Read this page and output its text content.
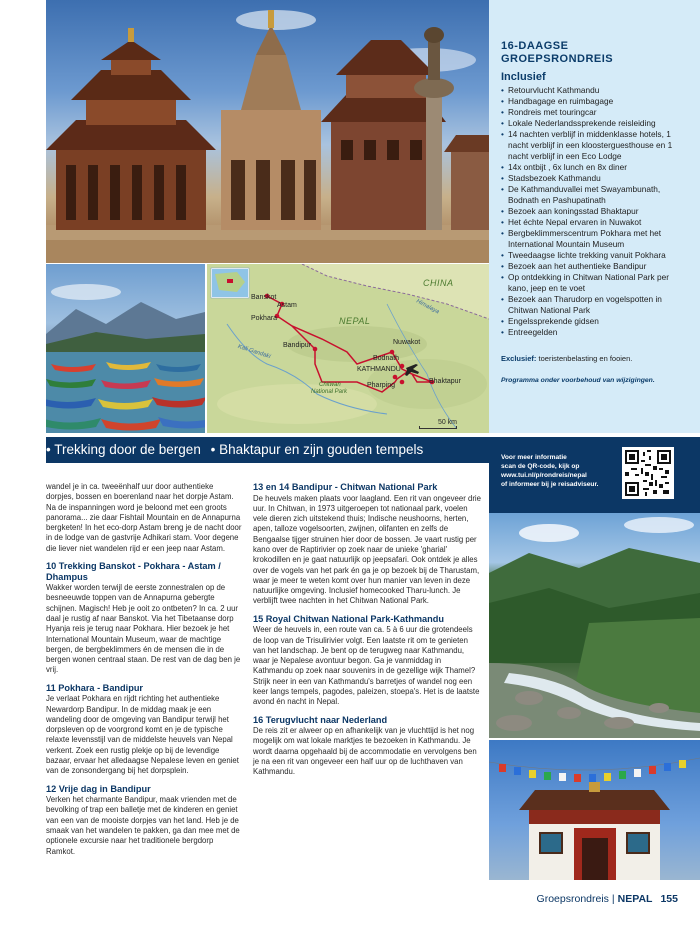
CHINA
NEPAL
Himalaya
Banskot
Astam
Pokhara
Bandipur	Nuwakot
Bodnath
KATHMANDU
Pharping
Bhaktapur
Kali Gandaki
Chitwan
National Park
50 km
16-DAAGSE
GROEPSRONDREIS
Inclusief
• Retourvlucht Kathmandu
• Handbagage en ruimbagage
• Rondreis met touringcar
• Lokale Nederlandssprekende reisleiding
• 14 nachten verblijf in middenklasse hotels, 1 nacht verblijf in een kloosterguesthouse en 1 nacht verblijf in een Eco Lodge
• 14x ontbijt , 6x lunch en 8x diner
• Stadsbezoek Kathmandu
• De Kathmanduvallei met Swayambunath, Bodnath en Pashupatinath
• Bezoek aan koningsstad Bhaktapur
• Het échte Nepal ervaren in Nuwakot
• Bergbeklimmerscentrum Pokhara met het International Mountain Museum
• Tweedaagse lichte trekking vanuit Pokhara
• Bezoek aan het authentieke Bandipur
• Op ontdekking in Chitwan National Park per kano, jeep en te voet
• Bezoek aan Tharudorp en vogelspotten in Chitwan National Park
• Engelssprekende gidsen
• Entreegelden
Exclusief: toeristenbelasting en fooien.
Programma onder voorbehoud van wijzigingen.
• Trekking door de bergen • Bhaktapur en zijn gouden tempels
Voor meer informatie
scan de QR-code, kijk op
www.tui.nl/p/rondreis/nepal
of informeer bij je reisadviseur.

wandel je in ca. tweeënhalf uur door authentieke dorpjes, bossen en boerenland naar het dorpje Astam. Na de inspanningen word je beloond met een groots panorama... zie daar Fishtail Mountain en de Annapurna bergketen! In het eco-dorp Astam breng je de nacht door in de lodge van de gastvrije Adhikari stam. Voor degene die liever niet wandelen rijd er een jeep naar Astam.

10 Trekking Banskot - Pokhara - Astam / Dhampus

Wakker worden terwijl de eerste zonnestralen op de besneeuwde toppen van de Annapurna gebergte schijnen. Magisch! Heb je ooit zo ontbeten? In ca. 2 uur daal je rustig af naar Banskot. Via het Tibetaanse dorp Hyanja reis je terug naar Pokhara. Hier bezoek je het International Mountain Museum, waar de machtige bergen, de bergbeklimmers én de mensen die in de bergen wonen centraal staan. De rest van de dag ben je vrij.

11 Pokhara - Bandipur

Je verlaat Pokhara en rijdt richting het authentieke Newardorp Bandipur. In de middag maak je een wandeling door de omgeving van Bandipur terwijl het dorpsleven op de voorgrond komt en je de typische relaxte levensstijl van de middelste heuvels van Nepal verkent. Zoek een rustig plekje op bij de levendige bazaar, ervaar het alledaagse Nepalese leven en geniet van de zonsondergang bij het dorpsplein.

12 Vrije dag in Bandipur

Verken het charmante Bandipur, maak vrienden met de bevolking of trap een balletje met de kinderen en geniet van een van de mooiste dorpjes van het land. Heb je de smaak van het wandelen te pakken, ga dan mee met de optionele excursie naar het traditionele bergdorp Ramkot.

13 en 14 Bandipur - Chitwan National Park

De heuvels maken plaats voor laagland. Een rit van ongeveer drie uur. In Chitwan, in 1973 uitgeroepen tot nationaal park, voelen vele dieren zich uitstekend thuis; Indische neushoorns, herten, apen, talloze vogelsoorten, zwijnen, olifanten en zelfs de Bengaalse tijger struinen hier door de bossen. Je vaart rustig per kano over de Raptirivier op zoek naar de unieke 'gharial' krokodillen en je gaat natuurlijk op jeepsafari. Ook ontdek je alles over de vogels van het park én ga je op bezoek bij de Tharustam, waar je meer te weten komt over hun manier van leven in deze natuurlijke omgeving. Inclusief homecooked Tharu-lunch. Je verblijft twee nachten in het Chitwan National Park.

15 Royal Chitwan National Park-Kathmandu

Weer de heuvels in, een route van ca. 5 à 6 uur die grotendeels de loop van de Trisulirivier volgt. Een laatste rit om te genieten van het landschap. Je bent op de terugweg naar Kathmandu, waar je Nepalese avontuur begon. Ga je vanmiddag in Kathmandu op zoek naar souvenirs in de gezellige wijk Thamel? Strijk neer in een van Kathmandu's barretjes of wandel nog een keer langs tempels, pagodes, paleizen, stoepa's. Het is de laatste avond én nacht in Nepal.

16 Terugvlucht naar Nederland

De reis zit er alweer op en afhankelijk van je vluchttijd is het nog mogelijk om wat lokale marktjes te bezoeken in Kathmandu. Je wordt daarna opgehaald bij de accommodatie en vervolgens ben je na een rit van ongeveer een half uur op de luchthaven van Kathmandu.

Groepsrondreis | NEPAL 155
